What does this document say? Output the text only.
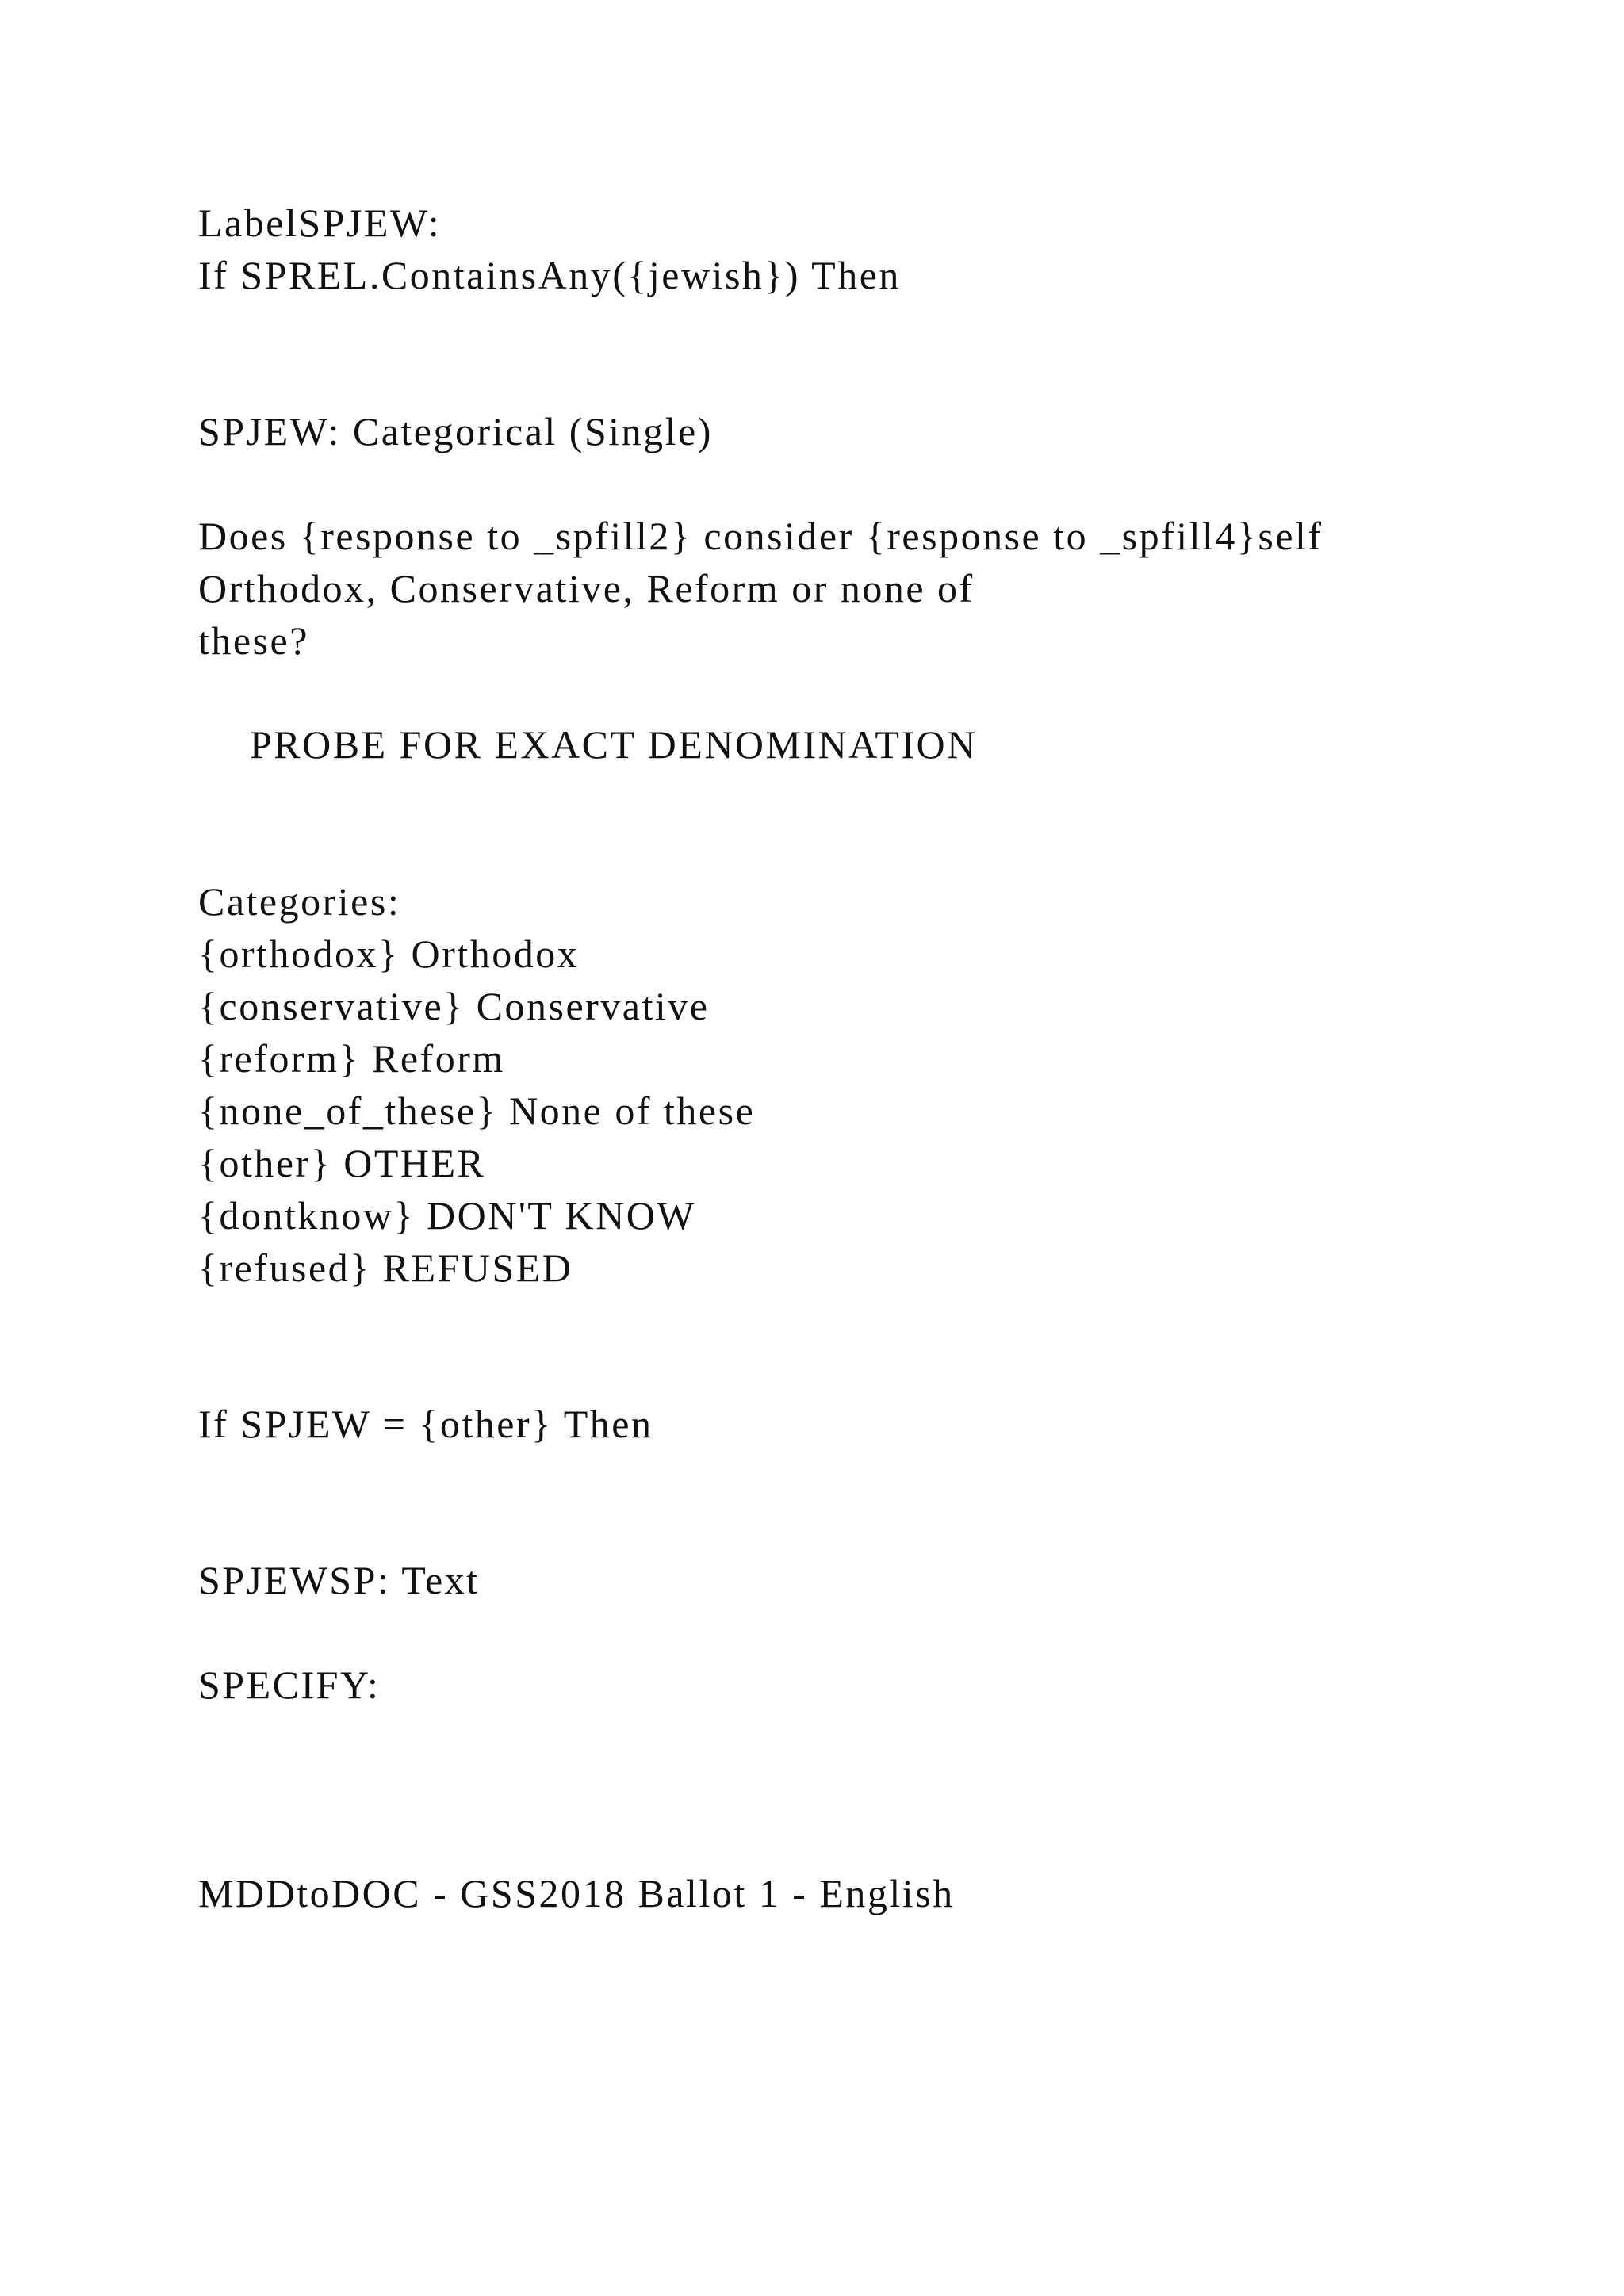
LabelSPJEW:
If SPREL.ContainsAny({jewish}) Then
SPJEW: Categorical (Single)
Does {response to _spfill2} consider {response to _spfill4}self
Orthodox, Conservative, Reform or none of
these?
PROBE FOR EXACT DENOMINATION
Categories:
{orthodox} Orthodox
{conservative} Conservative
{reform} Reform
{none_of_these} None of these
{other} OTHER
{dontknow} DON'T KNOW
{refused} REFUSED
If SPJEW = {other} Then
SPJEWSP: Text
SPECIFY:
MDDtoDOC - GSS2018 Ballot 1 - English
